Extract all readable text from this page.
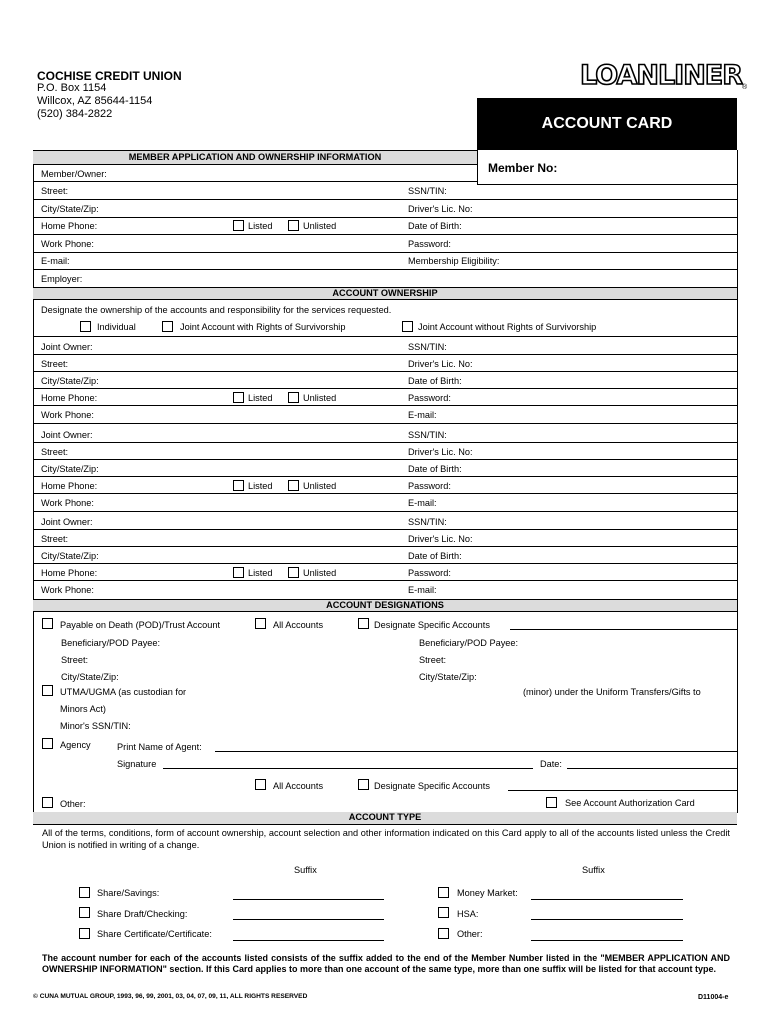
COCHISE CREDIT UNION
P.O. Box 1154
Willcox, AZ 85644-1154
(520) 384-2822
LOANLINER®
ACCOUNT CARD
MEMBER APPLICATION AND OWNERSHIP INFORMATION
Member No:
Member/Owner:
Street:	SSN/TIN:
City/State/Zip:	Driver's Lic. No:
Home Phone:	Listed	Unlisted	Date of Birth:
Work Phone:	Password:
E-mail:	Membership Eligibility:
Employer:
ACCOUNT OWNERSHIP
Designate the ownership of the accounts and responsibility for the services requested.
Individual	Joint Account with Rights of Survivorship	Joint Account without Rights of Survivorship
Joint Owner:	SSN/TIN:
Street:	Driver's Lic. No:
City/State/Zip:	Date of Birth:
Home Phone:	Listed	Unlisted	Password:
Work Phone:	E-mail:
Joint Owner:	SSN/TIN:
Street:	Driver's Lic. No:
City/State/Zip:	Date of Birth:
Home Phone:	Listed	Unlisted	Password:
Work Phone:	E-mail:
Joint Owner:	SSN/TIN:
Street:	Driver's Lic. No:
City/State/Zip:	Date of Birth:
Home Phone:	Listed	Unlisted	Password:
Work Phone:	E-mail:
ACCOUNT DESIGNATIONS
Payable on Death (POD)/Trust Account	All Accounts	Designate Specific Accounts
Beneficiary/POD Payee:	Beneficiary/POD Payee:
Street:	Street:
City/State/Zip:	City/State/Zip:
UTMA/UGMA (as custodian for	(minor) under the Uniform Transfers/Gifts to
Minors Act)
Minor's SSN/TIN:
Agency	Print Name of Agent:
Signature	Date:
All Accounts	Designate Specific Accounts
Other:	See Account Authorization Card
ACCOUNT TYPE
All of the terms, conditions, form of account ownership, account selection and other information indicated on this Card apply to all of the accounts listed unless the Credit Union is notified in writing of a change.
Suffix	Suffix
Share/Savings:	Money Market:
Share Draft/Checking:	HSA:
Share Certificate/Certificate:	Other:
The account number for each of the accounts listed consists of the suffix added to the end of the Member Number listed in the "MEMBER APPLICATION AND OWNERSHIP INFORMATION" section. If this Card applies to more than one account of the same type, more than one suffix will be listed for that account type.
© CUNA MUTUAL GROUP, 1993, 96, 99, 2001, 03, 04, 07, 09, 11, ALL RIGHTS RESERVED	D11004-e
